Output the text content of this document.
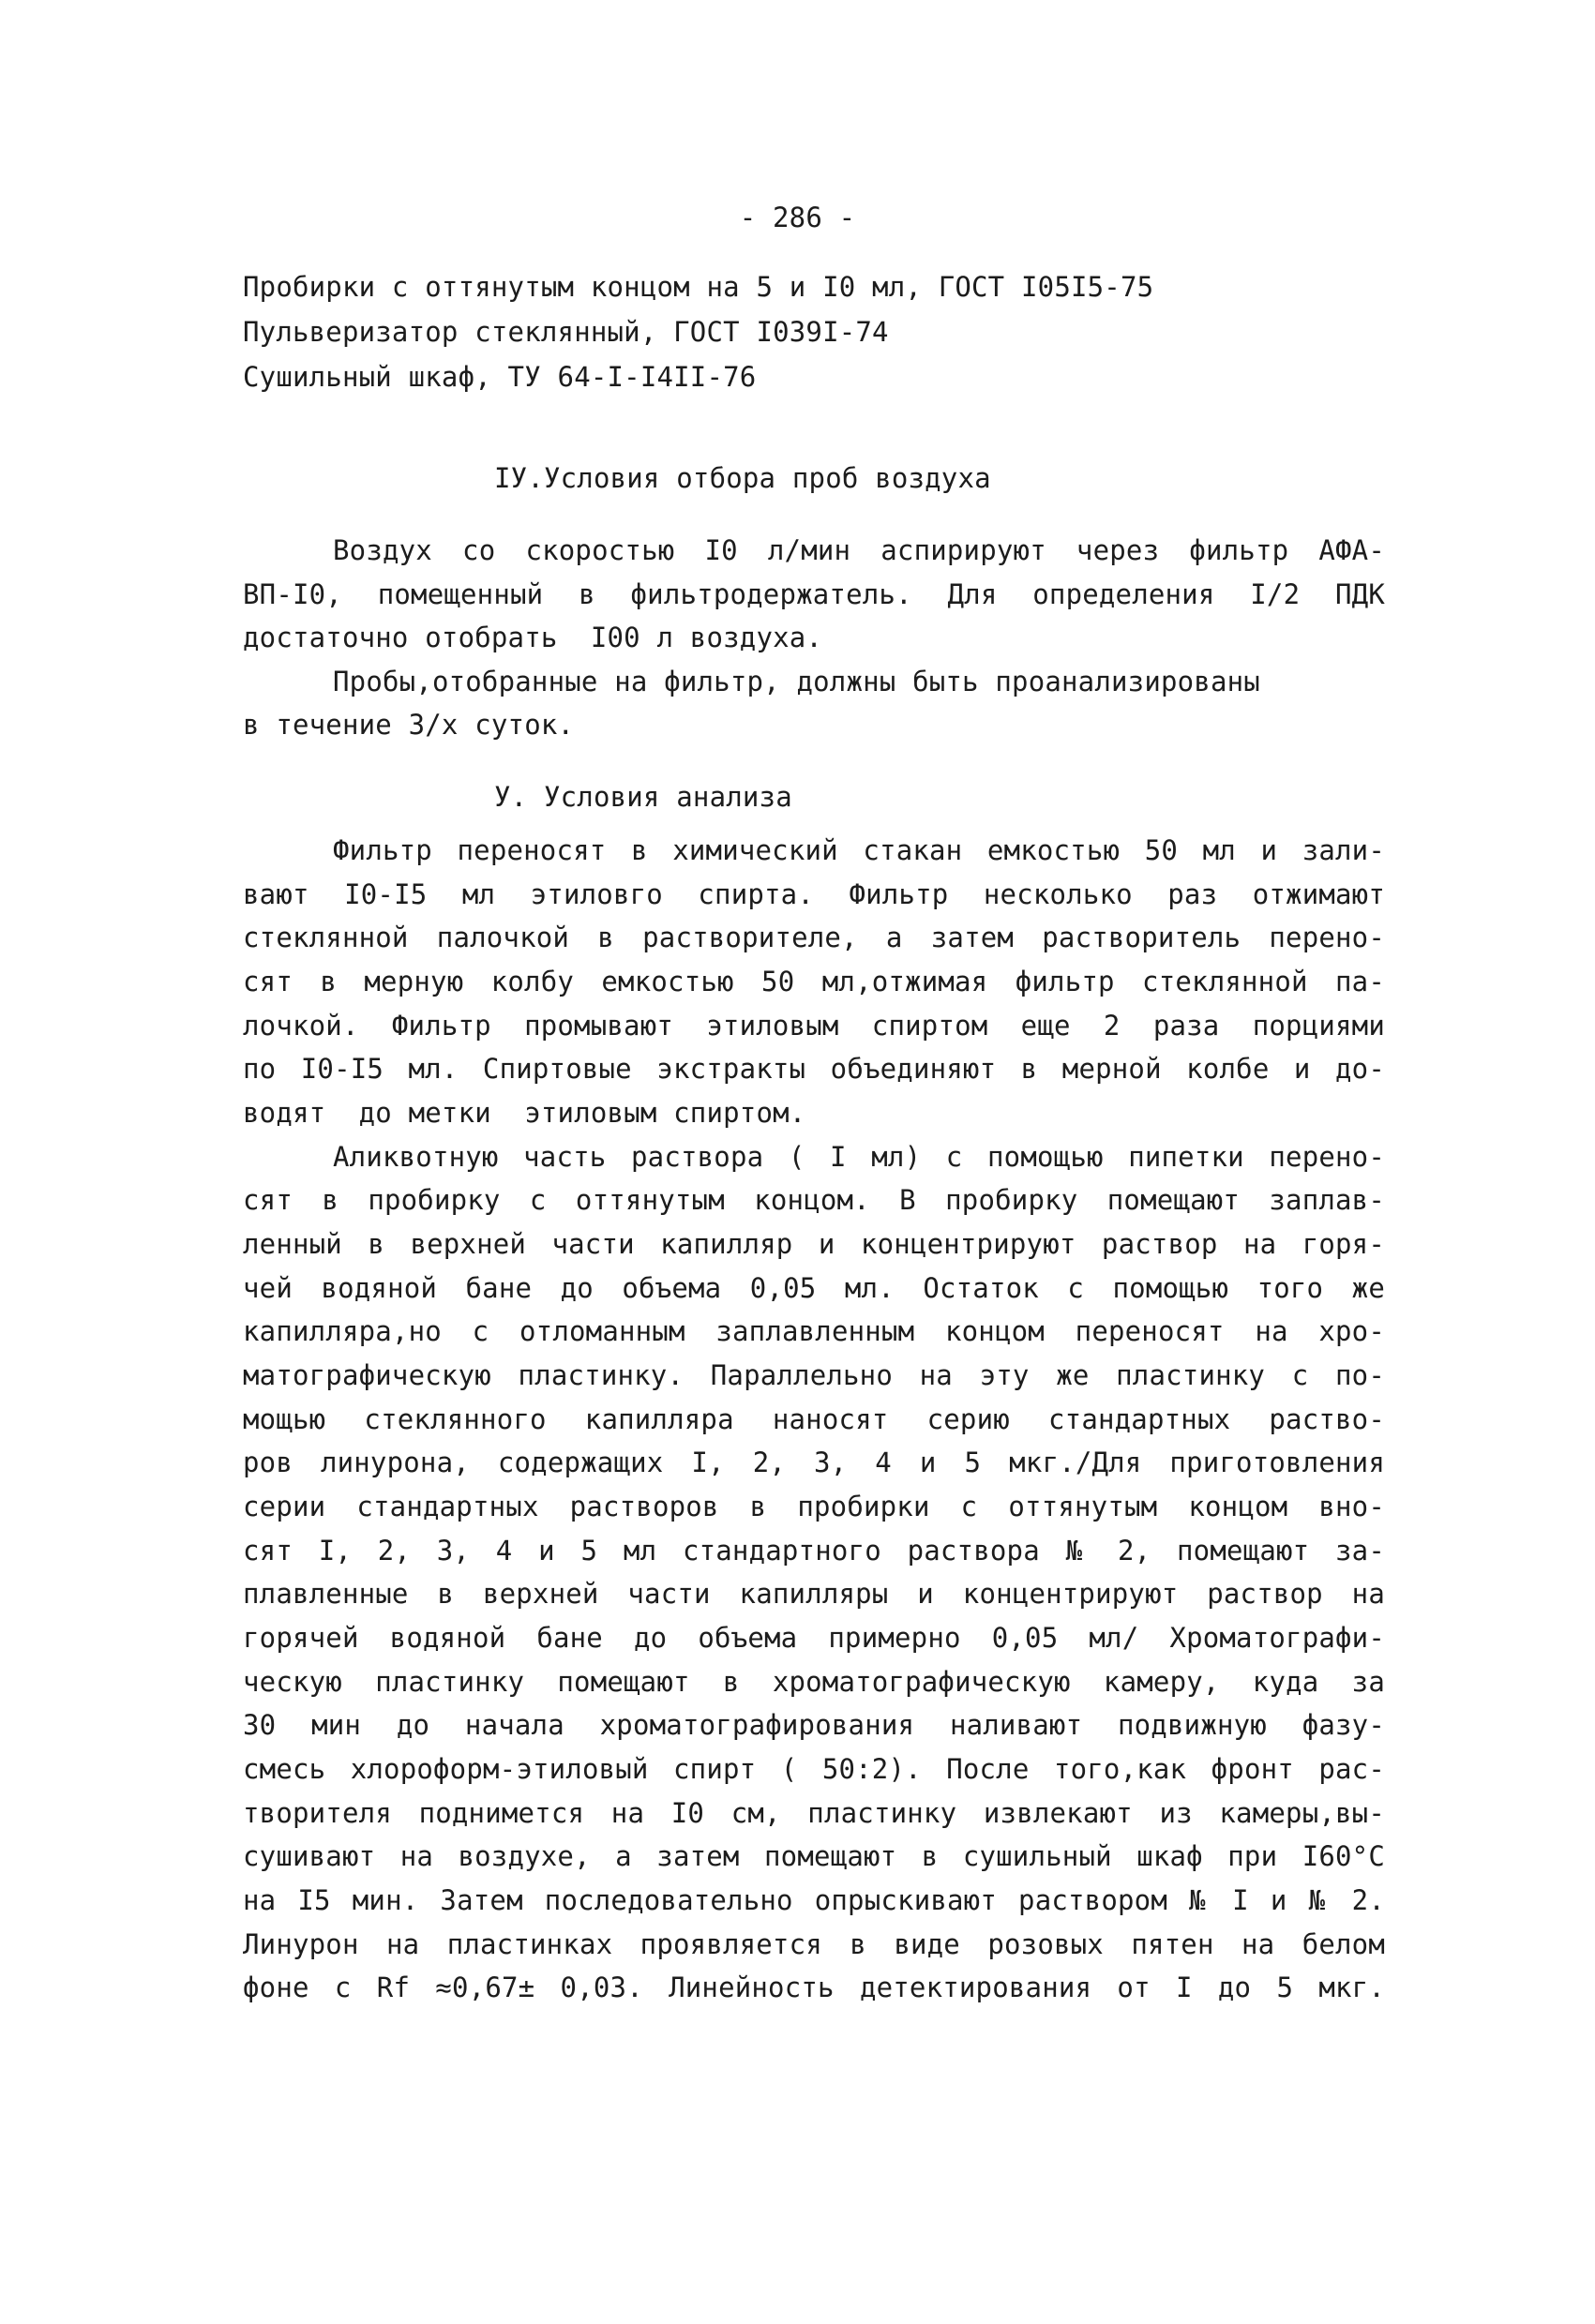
- 286 -
Пробирки с оттянутым концом на 5 и I0 мл, ГОСТ I05I5-75
Пульверизатор стеклянный, ГОСТ I039I-74
Сушильный шкаф, ТУ 64-I-I4II-76
IУ.Условия отбора проб воздуха
Воздух со скоростью I0 л/мин аспирируют через фильтр АФА-
ВП-I0, помещенный в фильтродержатель. Для определения I/2 ПДК
достаточно отобрать  I00 л воздуха.
Пробы,отобранные на фильтр, должны быть проанализированы
в течение 3/х суток.
У. Условия анализа
Фильтр переносят в химический стакан емкостью 50 мл и зали-
вают I0-I5 мл этиловго спирта. Фильтр несколько раз отжимают
стеклянной палочкой в растворителе, а затем растворитель перено-
сят в мерную колбу емкостью 50 мл,отжимая фильтр стеклянной па-
лочкой. Фильтр промывают этиловым спиртом еще 2 раза порциями
по I0-I5 мл. Спиртовые экстракты объединяют в мерной колбе и до-
водят  до метки  этиловым спиртом.
Аликвотную часть раствора ( I мл) с помощью пипетки перено-
сят в пробирку с оттянутым концом. В пробирку помещают заплав-
ленный в верхней части капилляр и концентрируют раствор на горя-
чей водяной бане до объема 0,05 мл. Остаток с помощью того же
капилляра,но с отломанным заплавленным концом переносят на хро-
матографическую пластинку. Параллельно на эту же пластинку с по-
мощью стеклянного капилляра наносят серию стандартных раство-
ров линурона, содержащих I, 2, 3, 4 и 5 мкг./Для приготовления
серии стандартных растворов в пробирки с оттянутым концом вно-
сят I, 2, 3, 4 и 5 мл стандартного раствора № 2, помещают за-
плавленные в верхней части капилляры и концентрируют раствор на
горячей водяной бане до объема примерно 0,05 мл/ Хроматографи-
ческую пластинку помещают в хроматографическую камеру, куда за
30 мин до начала хроматографирования наливают подвижную фазу-
смесь хлороформ-этиловый спирт ( 50:2). После того,как фронт рас-
творителя поднимется на I0 см, пластинку извлекают из камеры,вы-
сушивают на воздухе, а затем помещают в сушильный шкаф при I60°С
на I5 мин. Затем последовательно опрыскивают раствором № I и № 2.
Линурон на пластинках проявляется в виде розовых пятен на белом
фоне с Rf ≈0,67± 0,03. Линейность детектирования от I до 5 мкг.
